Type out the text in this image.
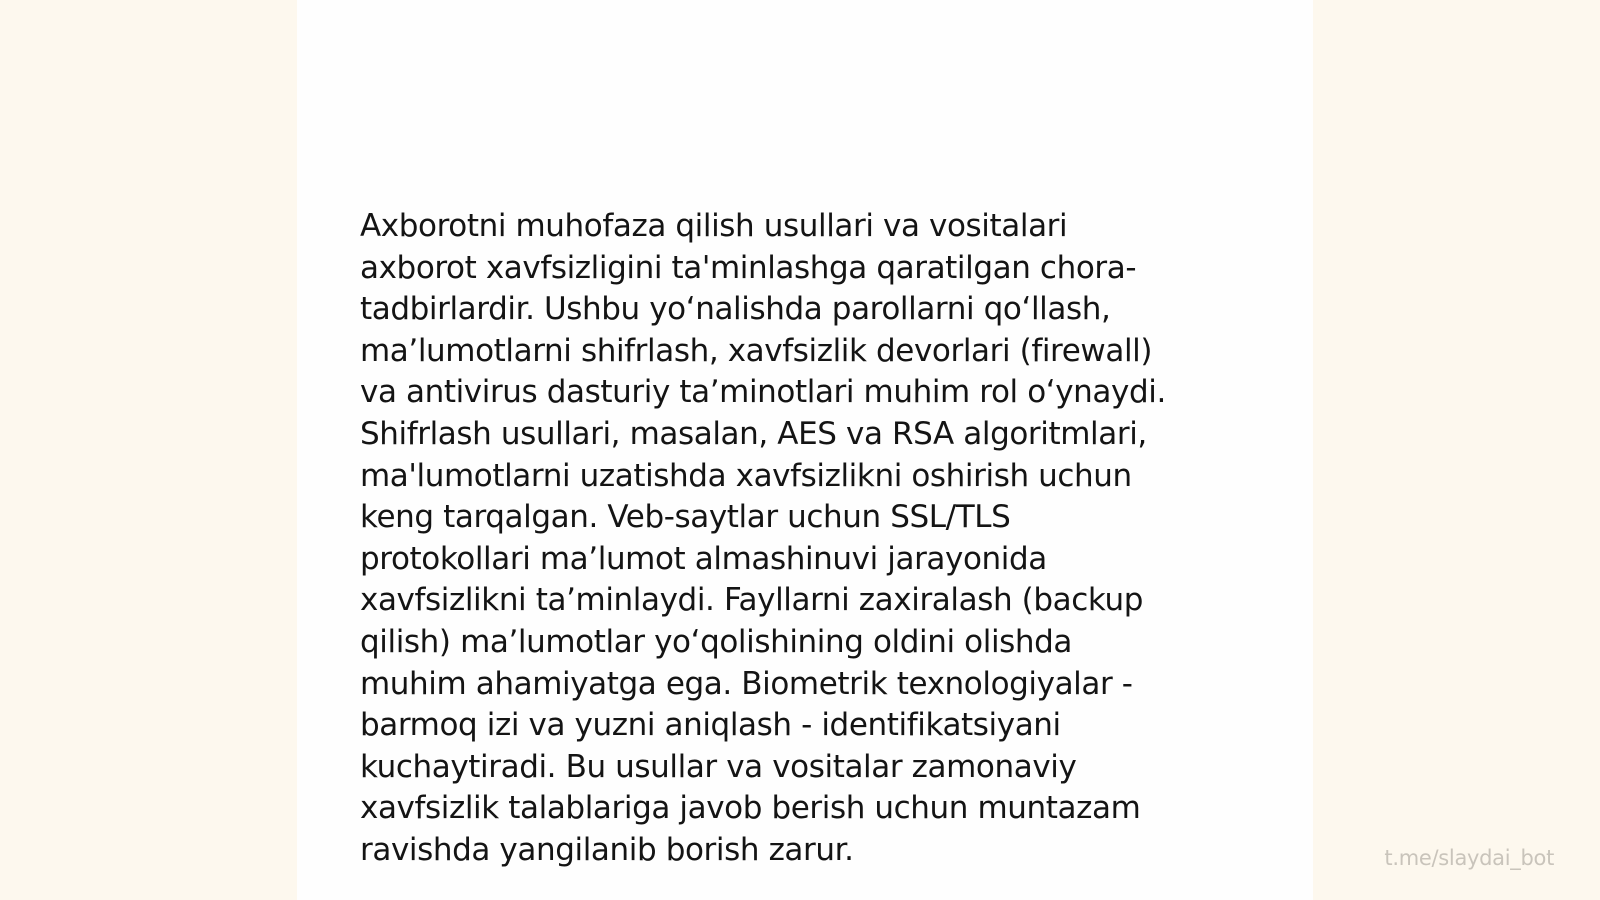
Axborotni muhofaza qilish usullari va vositalari
axborot xavfsizligini ta'minlashga qaratilgan chora-
tadbirlardir. Ushbu yo‘nalishda parollarni qo‘llash,
ma’lumotlarni shifrlash, xavfsizlik devorlari (firewall)
va antivirus dasturiy ta’minotlari muhim rol o‘ynaydi.
Shifrlash usullari, masalan, AES va RSA algoritmlari,
ma'lumotlarni uzatishda xavfsizlikni oshirish uchun
keng tarqalgan. Veb-saytlar uchun SSL/TLS
protokollari ma’lumot almashinuvi jarayonida
xavfsizlikni ta’minlaydi. Fayllarni zaxiralash (backup
qilish) ma’lumotlar yo‘qolishining oldini olishda
muhim ahamiyatga ega. Biometrik texnologiyalar -
barmoq izi va yuzni aniqlash - identifikatsiyani
kuchaytiradi. Bu usullar va vositalar zamonaviy
xavfsizlik talablariga javob berish uchun muntazam
ravishda yangilanib borish zarur.	t.me/slaydai_bot
